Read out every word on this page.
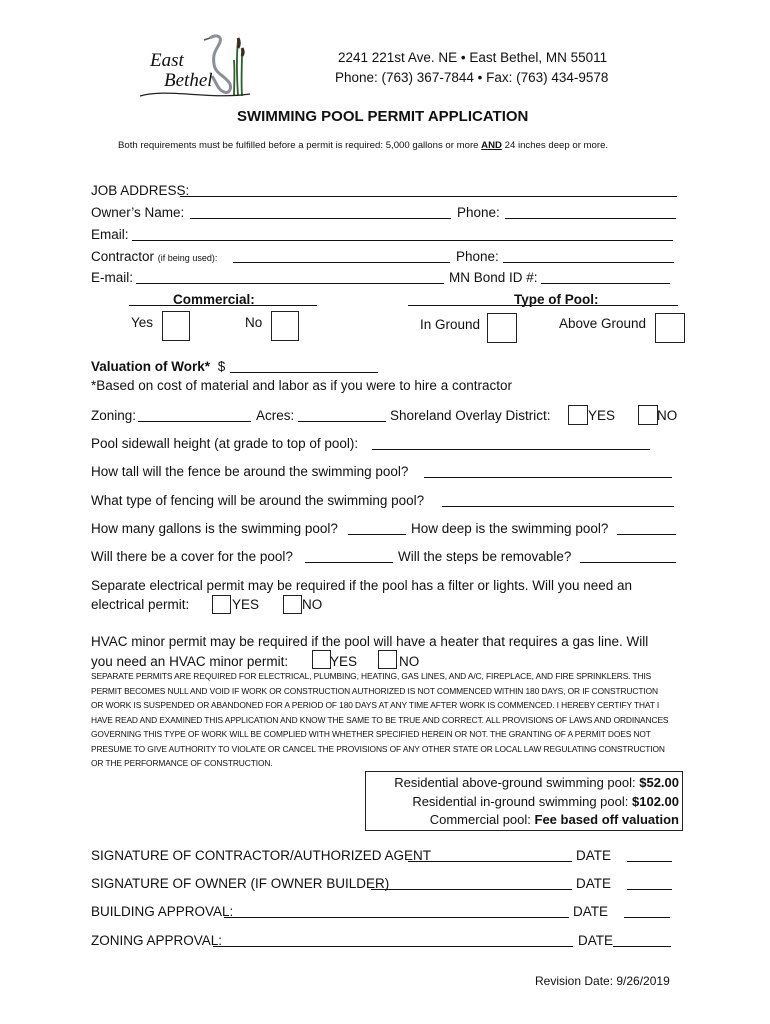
East
Bethel
2241 221st Ave. NE • East Bethel, MN 55011
Phone: (763) 367-7844 • Fax: (763) 434-9578
SWIMMING POOL PERMIT APPLICATION
Both requirements must be fulfilled before a permit is required: 5,000 gallons or more AND 24 inches deep or more.
JOB ADDRESS:
Owner’s Name:	Phone:
Email:
Contractor (if being used):	Phone:
E-mail:	MN Bond ID #:
Commercial:
Yes	No
Type of Pool:
In Ground	Above Ground
Valuation of Work* $
*Based on cost of material and labor as if you were to hire a contractor
Zoning:	Acres:	Shoreland Overlay District:	YES	NO
Pool sidewall height (at grade to top of pool):
How tall will the fence be around the swimming pool?
What type of fencing will be around the swimming pool?
How many gallons is the swimming pool?	How deep is the swimming pool?
Will there be a cover for the pool?	Will the steps be removable?
Separate electrical permit may be required if the pool has a filter or lights. Will you need an
electrical permit:	YES	NO
HVAC minor permit may be required if the pool will have a heater that requires a gas line. Will
you need an HVAC minor permit:	YES	NO
SEPARATE PERMITS ARE REQUIRED FOR ELECTRICAL, PLUMBING, HEATING, GAS LINES, AND A/C, FIREPLACE, AND FIRE SPRINKLERS. THIS
PERMIT BECOMES NULL AND VOID IF WORK OR CONSTRUCTION AUTHORIZED IS NOT COMMENCED WITHIN 180 DAYS, OR IF CONSTRUCTION
OR WORK IS SUSPENDED OR ABANDONED FOR A PERIOD OF 180 DAYS AT ANY TIME AFTER WORK IS COMMENCED. I HEREBY CERTIFY THAT I
HAVE READ AND EXAMINED THIS APPLICATION AND KNOW THE SAME TO BE TRUE AND CORRECT. ALL PROVISIONS OF LAWS AND ORDINANCES
GOVERNING THIS TYPE OF WORK WILL BE COMPLIED WITH WHETHER SPECIFIED HEREIN OR NOT. THE GRANTING OF A PERMIT DOES NOT
PRESUME TO GIVE AUTHORITY TO VIOLATE OR CANCEL THE PROVISIONS OF ANY OTHER STATE OR LOCAL LAW REGULATING CONSTRUCTION
OR THE PERFORMANCE OF CONSTRUCTION.
Residential above-ground swimming pool: $52.00
Residential in-ground swimming pool: $102.00
Commercial pool: Fee based off valuation
SIGNATURE OF CONTRACTOR/AUTHORIZED AGENT	DATE
SIGNATURE OF OWNER (IF OWNER BUILDER)	DATE
BUILDING APPROVAL:	DATE
ZONING APPROVAL:	DATE
Revision Date: 9/26/2019
